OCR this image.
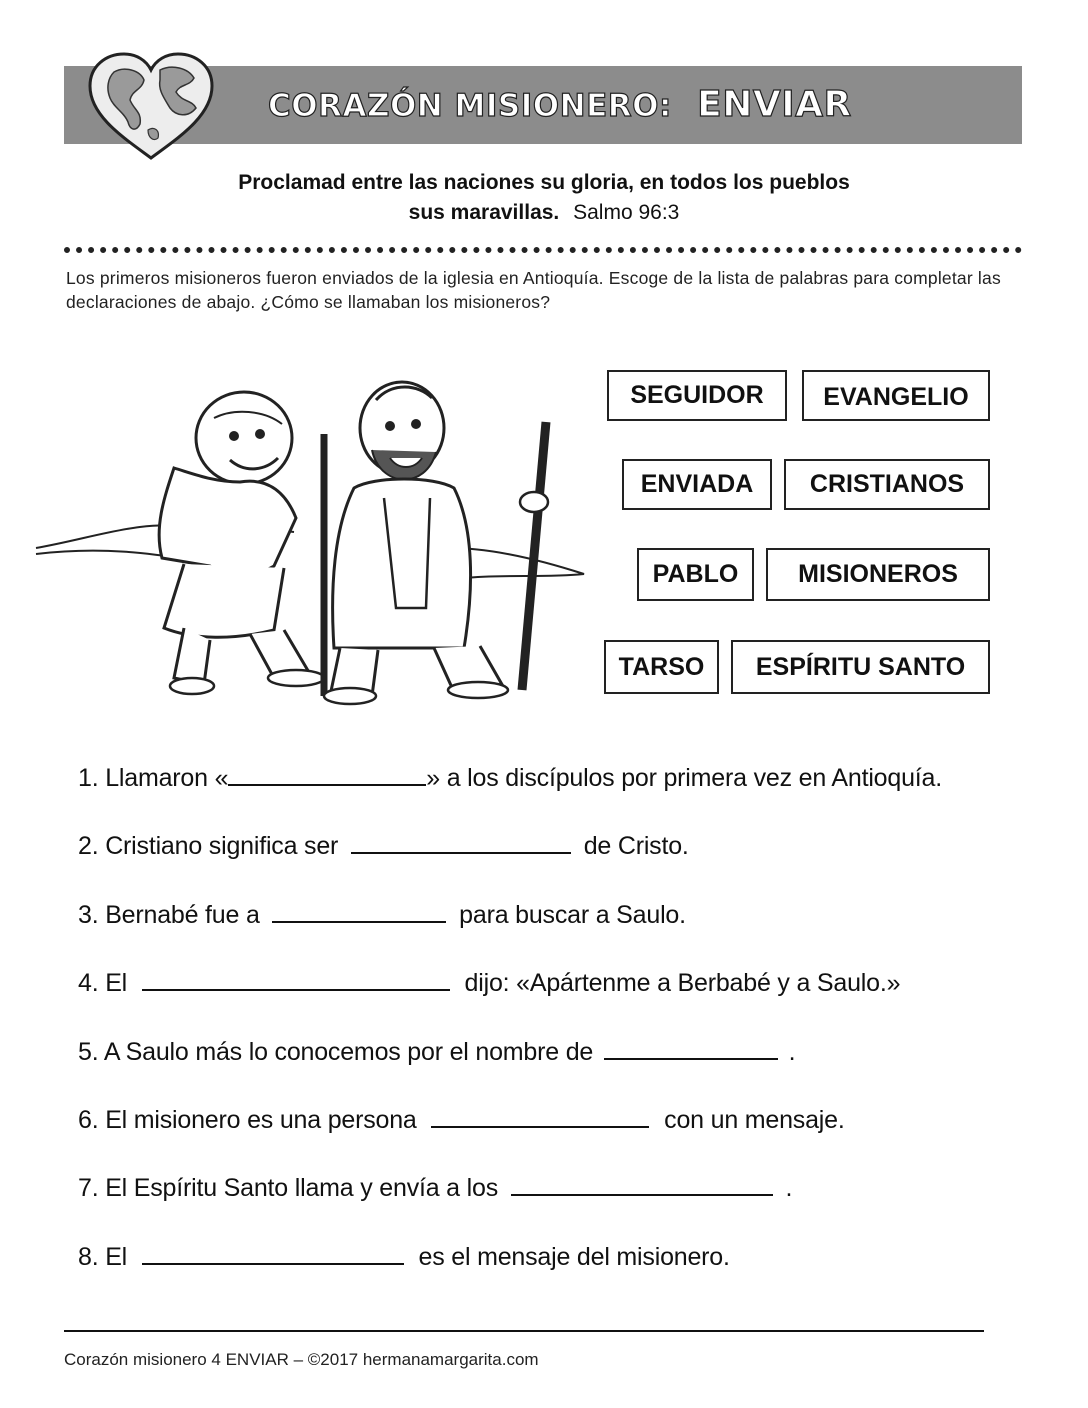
CORAZÓN MISIONERO: ENVIAR
Proclamad entre las naciones su gloria, en todos los pueblos
sus maravillas. Salmo 96:3
Los primeros misioneros fueron enviados de la iglesia en Antioquía. Escoge de la lista de palabras para completar las declaraciones de abajo. ¿Cómo se llamaban los misioneros?
SEGUIDOR	EVANGELIO
ENVIADA	CRISTIANOS
PABLO	MISIONEROS
TARSO	ESPÍRITU SANTO
1. Llamaron «	» a los discípulos por primera vez en Antioquía.
2. Cristiano significa ser	de Cristo.
3. Bernabé fue a	para buscar a Saulo.
4. El	dijo: «Apártenme a Berbabé y a Saulo.»
5. A Saulo más lo conocemos por el nombre de	.
6. El misionero es una persona	con un mensaje.
7. El Espíritu Santo llama y envía a los	.
8. El	es el mensaje del misionero.
Corazón misionero 4 ENVIAR – ©2017 hermanamargarita.com
